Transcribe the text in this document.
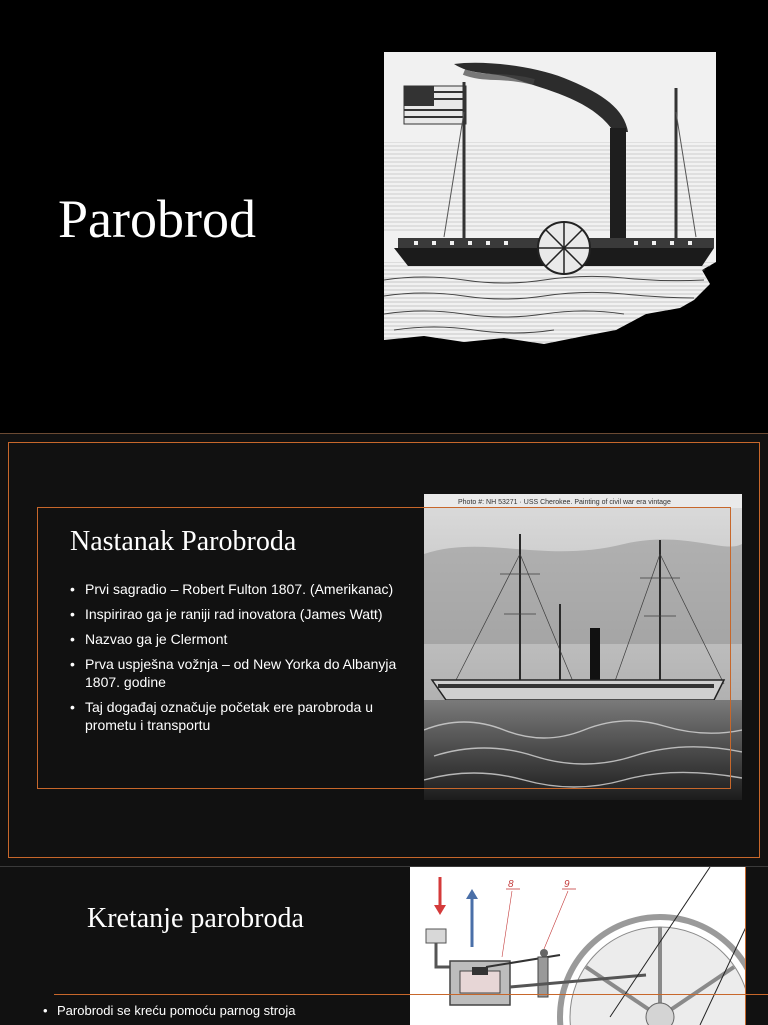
Parobrod
Photo #: NH 53271 · USS Cherokee. Painting of civil war era vintage
Nastanak Parobroda
• Prvi sagradio – Robert Fulton 1807. (Amerikanac)
• Inspirirao ga je raniji rad inovatora (James Watt)
• Nazvao ga je Clermont
• Prva uspješna vožnja – od New Yorka do Albanyja 1807. godine
• Taj događaj označuje početak ere parobroda u prometu i transportu
Kretanje parobroda
8	9
• Parobrodi se kreću pomoću parnog stroja
